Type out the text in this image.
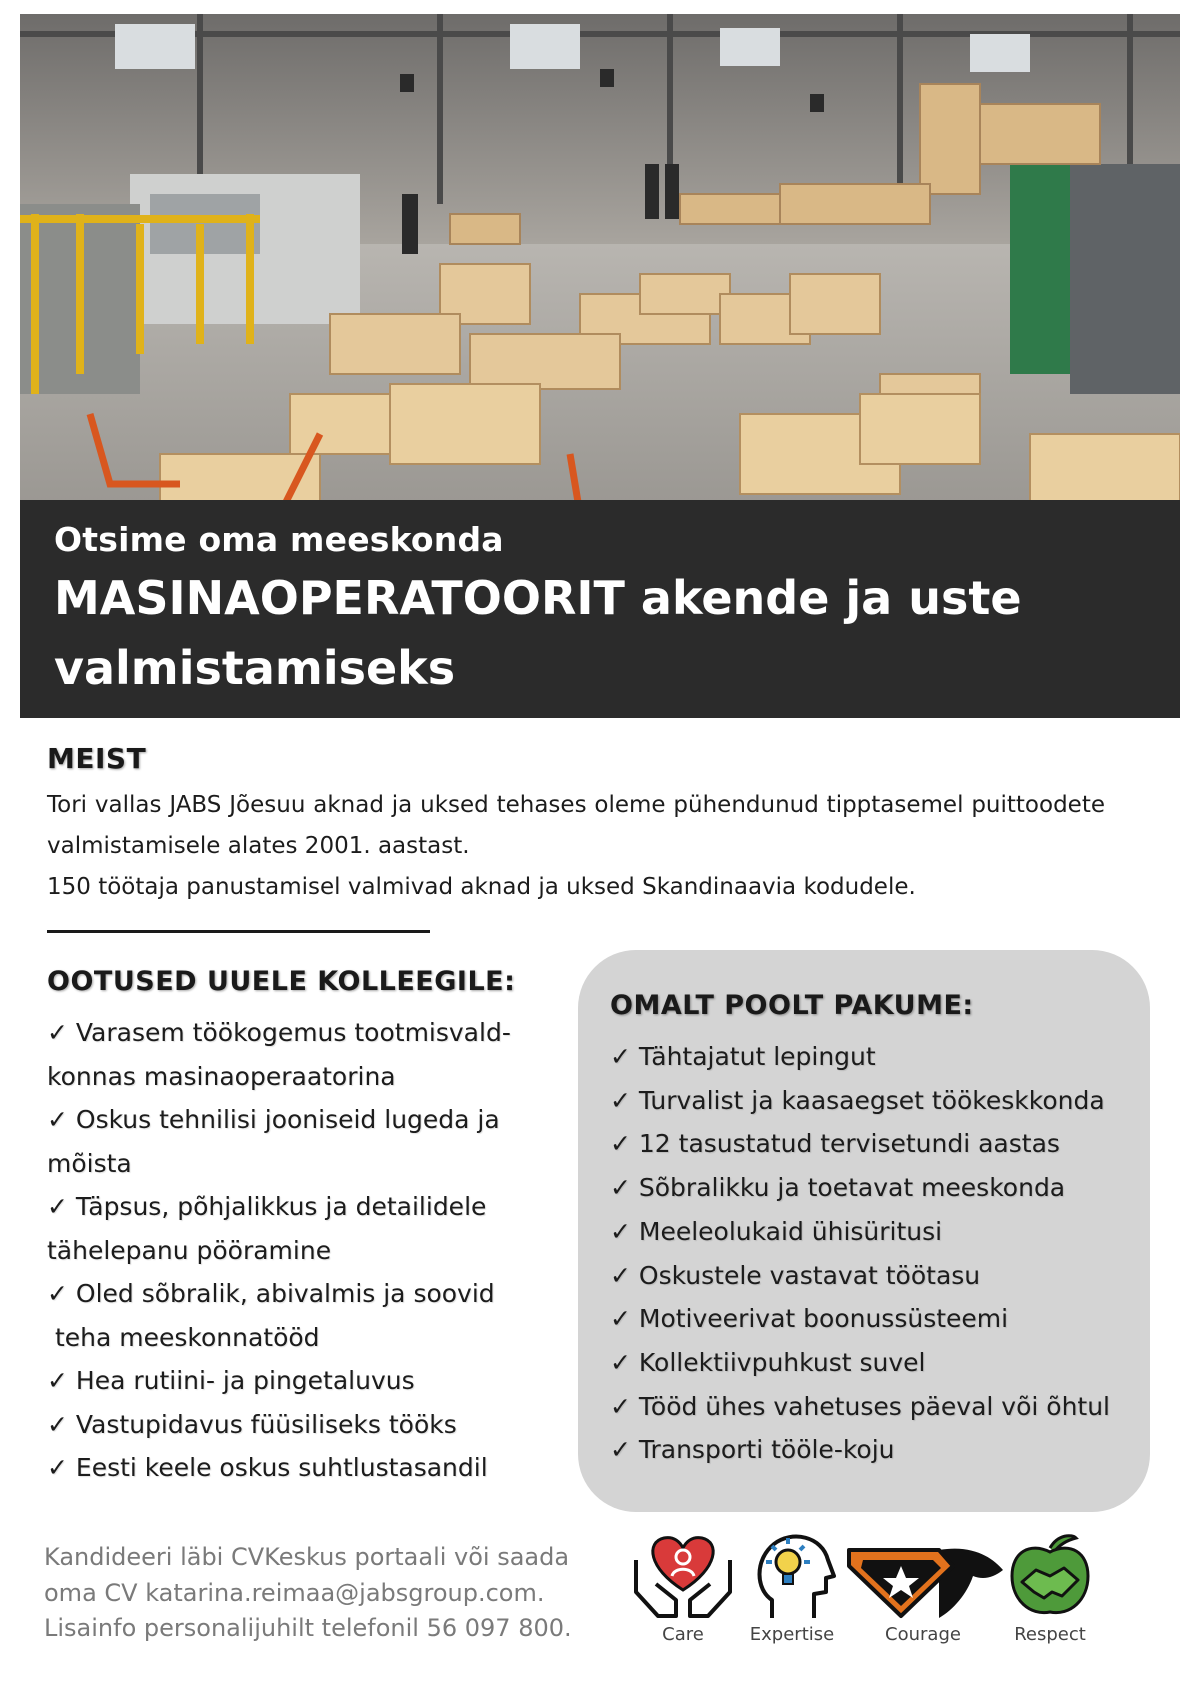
Otsime oma meeskonda
MASINAOPERATOORIT akende ja uste valmistamiseks
MEIST

Tori vallas JABS Jõesuu aknad ja uksed tehases oleme pühendunud tipptasemel puittoodete valmistamisele alates 2001. aastast.

150 töötaja panustamisel valmivad aknad ja uksed Skandinaavia kodudele.

OOTUSED UUELE KOLLEEGILE:
✓ Varasem töökogemus tootmisvald-
konnas masinaoperaatorina
✓ Oskus tehnilisi jooniseid lugeda ja
mõista
✓ Täpsus, põhjalikkus ja detailidele
tähelepanu pööramine
✓ Oled sõbralik, abivalmis ja soovid
teha meeskonnatööd
✓ Hea rutiini- ja pingetaluvus
✓ Vastupidavus füüsiliseks tööks
✓ Eesti keele oskus suhtlustasandil
OMALT POOLT PAKUME:
✓ Tähtajatut lepingut
✓ Turvalist ja kaasaegset töökeskkonda
✓ 12 tasustatud tervisetundi aastas
✓ Sõbralikku ja toetavat meeskonda
✓ Meeleolukaid ühisüritusi
✓ Oskustele vastavat töötasu
✓ Motiveerivat boonussüsteemi
✓ Kollektiivpuhkust suvel
✓ Tööd ühes vahetuses päeval või õhtul
✓ Transporti tööle-koju

Kandideeri läbi CVKeskus portaali või saada

oma CV katarina.reimaa@jabsgroup.com.

Lisainfo personalijuhilt telefonil 56 097 800.	Care	Expertise	Courage	Respect
